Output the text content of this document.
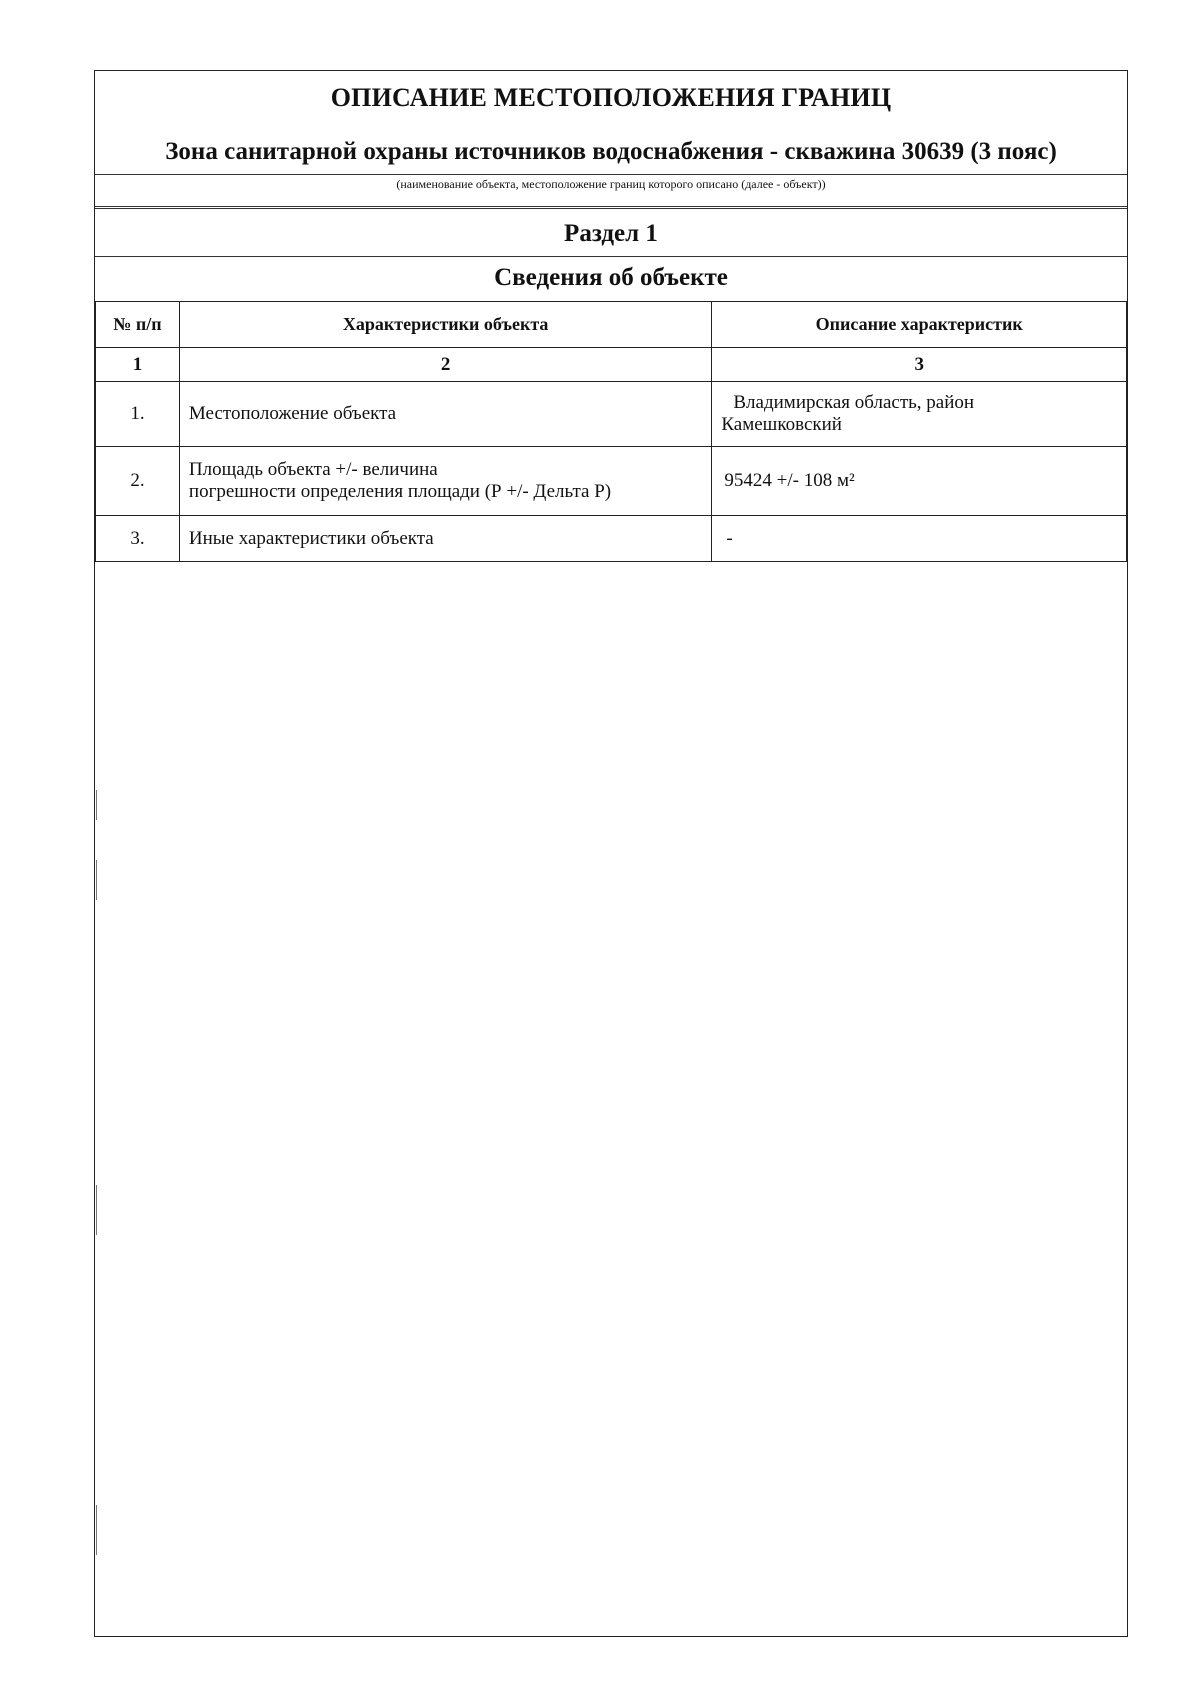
ОПИСАНИЕ МЕСТОПОЛОЖЕНИЯ ГРАНИЦ
Зона санитарной охраны источников водоснабжения - скважина 30639 (3 пояс)
(наименование объекта, местоположение границ которого описано (далее - объект))
Раздел 1
Сведения об объекте
№ п/п	Характеристики объекта	Описание характеристик
1	2	3
1.	Местоположение объекта	Владимирская область, район
Камешковский

2.	Площадь объекта +/- величина
погрешности определения площади (Р +/- Дельта Р)	95424 +/- 108 м²
3.	Иные характеристики объекта	-
